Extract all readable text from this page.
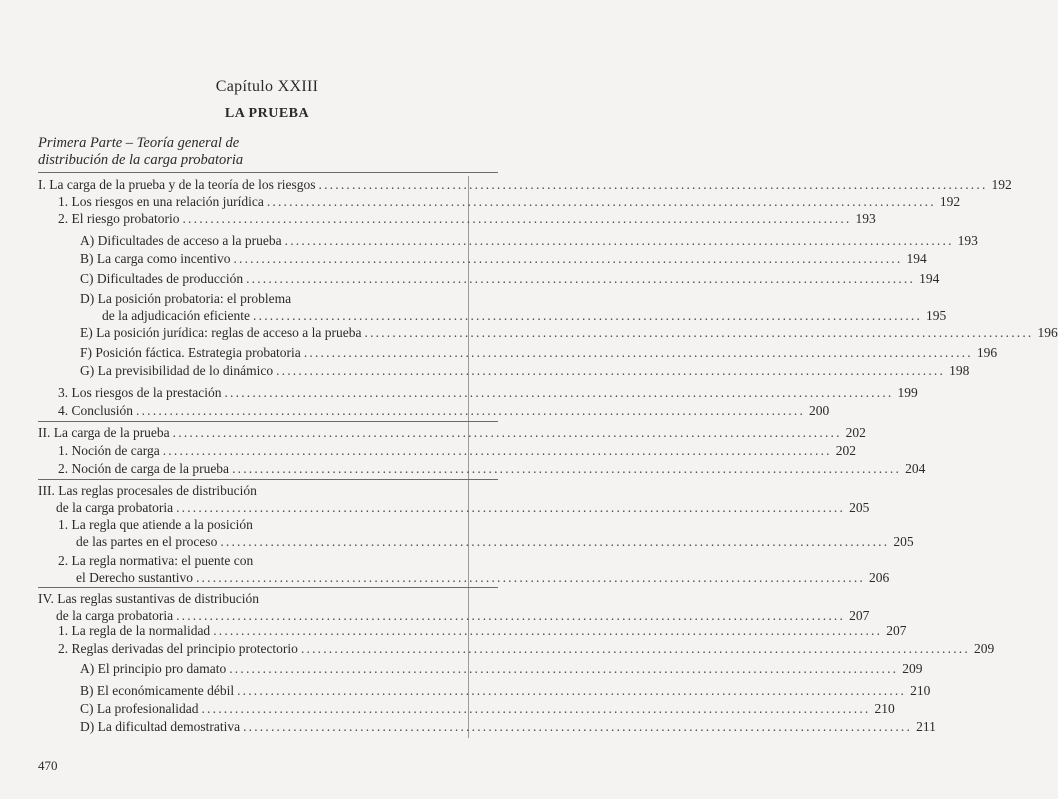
Capítulo XXIII
LA PRUEBA
Primera Parte – Teoría general de
distribución de la carga probatoria
I. La carga de la prueba y de la teoría de los riesgos ........................................................................................................................ 192
1. Los riesgos en una relación jurídica ........................................................................................................................ 192
2. El riesgo probatorio ........................................................................................................................ 193
A) Dificultades de acceso a la prueba ........................................................................................................................ 193
B) La carga como incentivo ........................................................................................................................ 194
C) Dificultades de producción ........................................................................................................................ 194
D) La posición probatoria: el problema
de la adjudicación eficiente ........................................................................................................................ 195
E) La posición jurídica: reglas de acceso a la prueba ........................................................................................................................ 196
F) Posición fáctica. Estrategia probatoria ........................................................................................................................ 196
G) La previsibilidad de lo dinámico ........................................................................................................................ 198
3. Los riesgos de la prestación ........................................................................................................................ 199
4. Conclusión ........................................................................................................................ 200
II. La carga de la prueba ........................................................................................................................ 202
1. Noción de carga ........................................................................................................................ 202
2. Noción de carga de la prueba ........................................................................................................................ 204
III. Las reglas procesales de distribución
de la carga probatoria ........................................................................................................................ 205
1. La regla que atiende a la posición
de las partes en el proceso ........................................................................................................................ 205
2. La regla normativa: el puente con
el Derecho sustantivo ........................................................................................................................ 206
IV. Las reglas sustantivas de distribución
de la carga probatoria ........................................................................................................................ 207
1. La regla de la normalidad ........................................................................................................................ 207
2. Reglas derivadas del principio protectorio ........................................................................................................................ 209
A) El principio pro damato ........................................................................................................................ 209
B) El económicamente débil ........................................................................................................................ 210
C) La profesionalidad ........................................................................................................................ 210
D) La dificultad demostrativa ........................................................................................................................ 211
470
